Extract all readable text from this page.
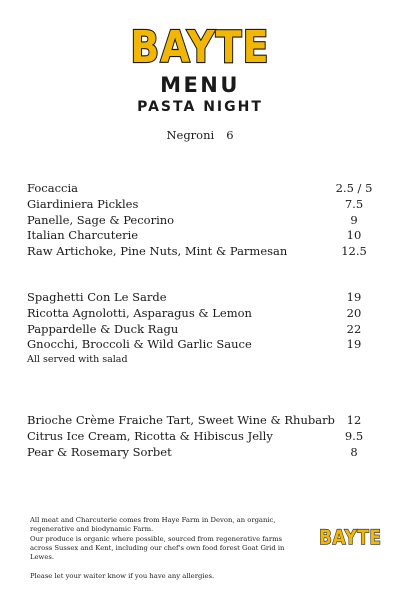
BAYTE
MENU
PASTA NIGHT
Negroni 6
Focaccia	2.5 / 5
Giardiniera Pickles	7.5
Panelle, Sage & Pecorino	9
Italian Charcuterie	10
Raw Artichoke, Pine Nuts, Mint & Parmesan	12.5
Spaghetti Con Le Sarde	19
Ricotta Agnolotti, Asparagus & Lemon	20
Pappardelle & Duck Ragu	22
Gnocchi, Broccoli & Wild Garlic Sauce	19
All served with salad
Brioche Crème Fraiche Tart, Sweet Wine & Rhubarb	12
Citrus Ice Cream, Ricotta & Hibiscus Jelly	9.5
Pear & Rosemary Sorbet	8

All meat and Charcuterie comes from Haye Farm in Devon, an organic, regenerative and biodynamic Farm.

Our produce is organic where possible, sourced from regenerative farms across Sussex and Kent, including our chef's own food forest Goat Grid in Lewes.

Please let your waiter know if you have any allergies.

BAYTE
